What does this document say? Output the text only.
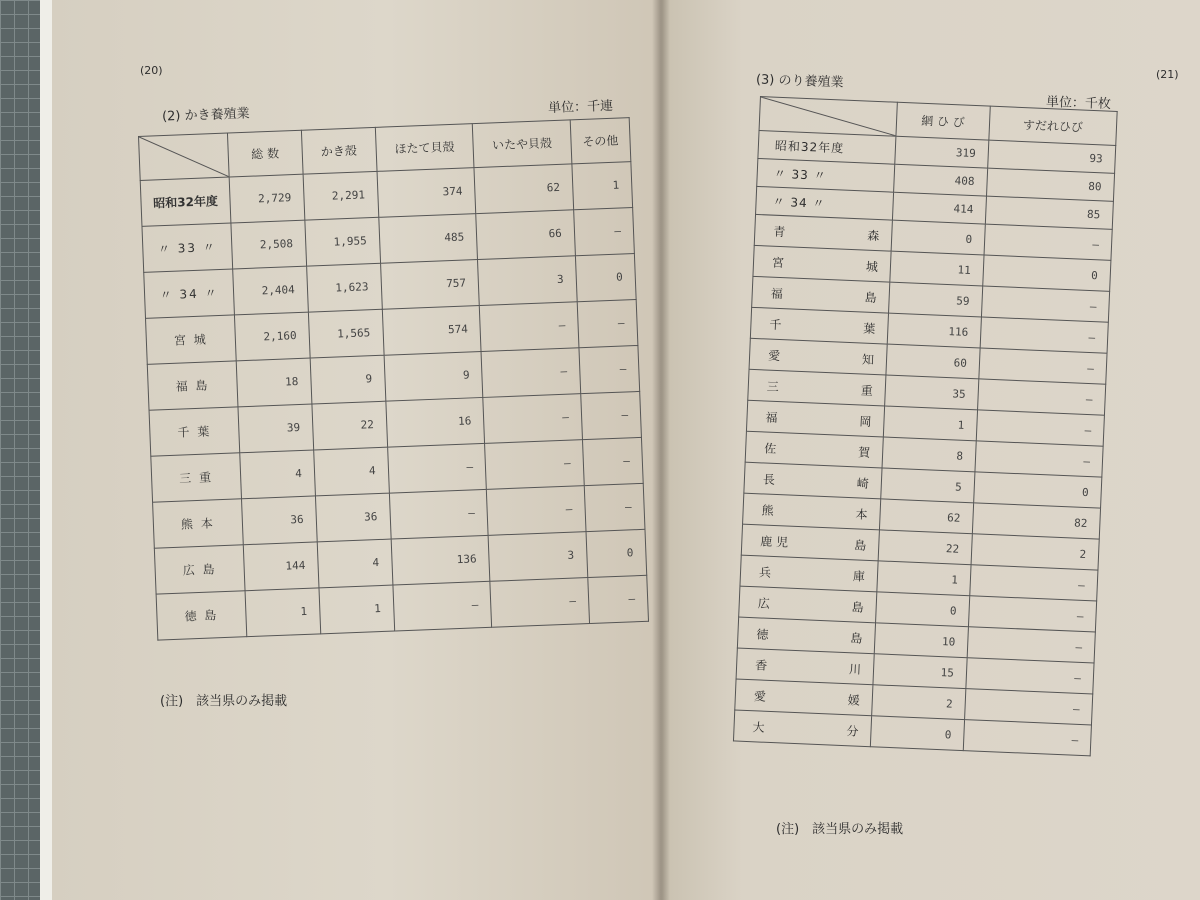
(20)
(2) かき養殖業	単位：千連
	総 数	かき殻	ほたて貝殻	いたや貝殻	その他
昭和32年度	2,729	2,291	374	62	1
〃 33 〃	2,508	1,955	485	66	–
〃 34 〃	2,404	1,623	757	3	0
宮 城	2,160	1,565	574	–	–
福 島	18	9	9	–	–
千 葉	39	22	16	–	–
三 重	4	4	–	–	–
熊 本	36	36	–	–	–
広 島	144	4	136	3	0
徳 島	1	1	–	–	–
(注)　該当県のみ掲載
(21)
(3) のり養殖業
単位：千枚
	網 ひ び	すだれひび
昭和32年度	319	93
〃 33 〃	408	80
〃 34 〃	414	85

青 森	0	–

宮 城	11	0

福 島	59	–

千 葉	116	–

愛 知	60	–

三 重	35	–

福 岡	1	–

佐 賀	8	–

長 崎	5	0

熊 本	62	82

鹿 児 島	22	2

兵 庫	1	–

広 島	0	–

徳 島	10	–

香 川	15	–

愛 媛	2	–

大 分	0	–
(注)　該当県のみ掲載
